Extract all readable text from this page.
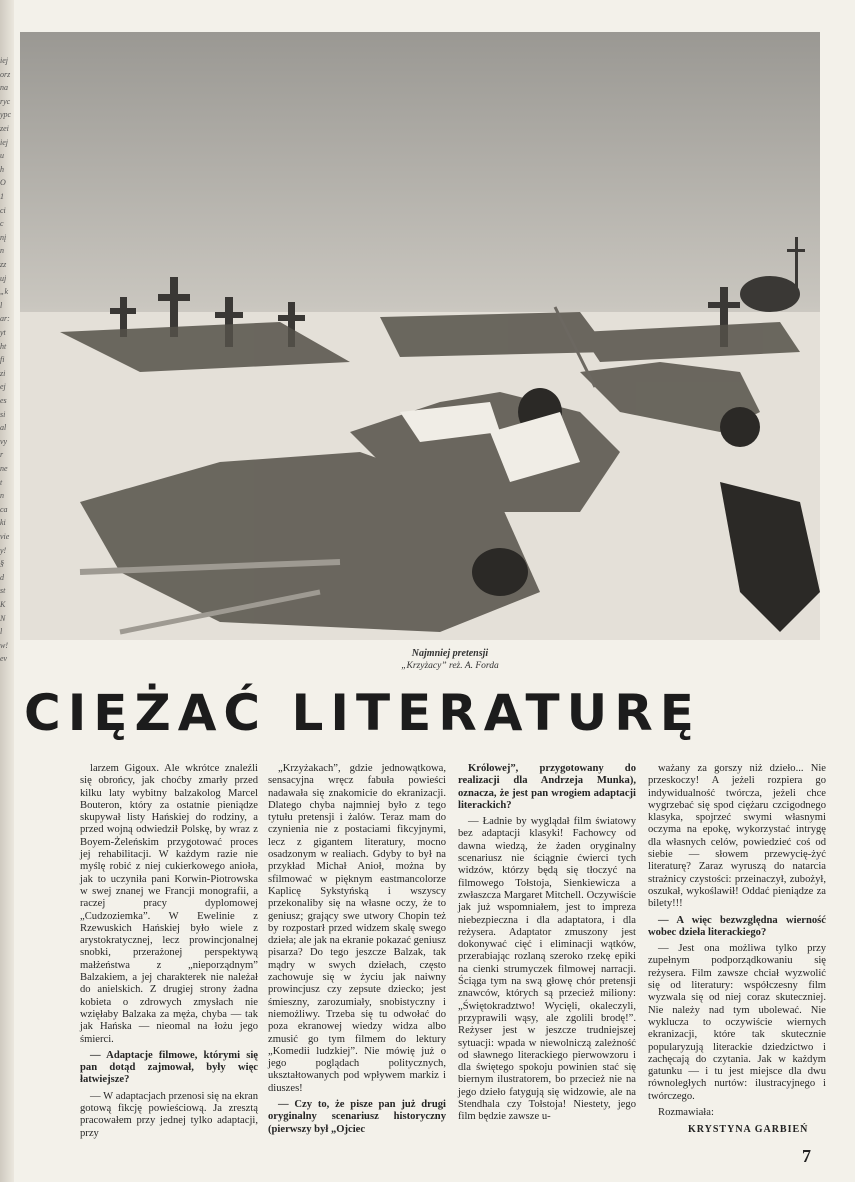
iej
orz
na
ryc
ypc
zei
iej
u
h
O
1
ci
c
nį
n
zz
uj
„k
l
ar:
yt
ht
fi
zi
ej
es
si
al
vy
r
ne
t
n
ca
ki
vie
y!
§
d
st
K
N
l
w!
ev	Najmniej pretensji
„Krzyżacy” reż. A. Forda
CIĘŻAĆ LITERATURĘ

larzem Gigoux. Ale wkrótce znaleźli się obrońcy, jak choćby zmarły przed kilku laty wybitny balzakolog Marcel Bouteron, który za ostatnie pieniądze skupywał listy Hańskiej do rodziny, a przed wojną odwiedził Polskę, by wraz z Boyem-Żeleńskim przygotować proces jej rehabilitacji. W każdym razie nie myślę robić z niej cukierkowego anioła, jak to uczyniła pani Korwin-Piotrowska w swej znanej we Francji monografii, a raczej pracy dyplomowej „Cudzoziemka”. W Ewelinie z Rzewuskich Hańskiej było wiele z arystokratycznej, lecz prowincjonalnej snobki, przerażonej perspektywą małżeństwa z „nieporządnym” Balzakiem, a jej charakterek nie należał do anielskich. Z drugiej strony żadna kobieta o zdrowych zmysłach nie wzięłaby Balzaka za męża, chyba — tak jak Hańska — nieomal na łożu jego śmierci.

— Adaptacje filmowe, którymi się pan dotąd zajmował, były więc łatwiejsze?

— W adaptacjach przenosi się na ekran gotową fikcję powieściową. Ja zresztą pracowałem przy jednej tylko adaptacji, przy

„Krzyżakach”, gdzie jednowątkowa, sensacyjna wręcz fabuła powieści nadawała się znakomicie do ekranizacji. Dlatego chyba najmniej było z tego tytułu pretensji i żalów. Teraz mam do czynienia nie z postaciami fikcyjnymi, lecz z gigantem literatury, mocno osadzonym w realiach. Gdyby to był na przykład Michał Anioł, można by sfilmować w pięknym eastmancolorze Kaplicę Sykstyńską i wszyscy przekonaliby się na własne oczy, że to geniusz; grający swe utwory Chopin też by rozpostarł przed widzem skalę swego dzieła; ale jak na ekranie pokazać geniusz pisarza? Do tego jeszcze Balzak, tak mądry w swych dziełach, często zachowuje się w życiu jak naiwny prowincjusz czy zepsute dziecko; jest śmieszny, zarozumiały, snobistyczny i niemożliwy. Trzeba się tu odwołać do poza ekranowej wiedzy widza albo zmusić go tym filmem do lektury „Komedii ludzkiej”. Nie mówię już o jego poglądach politycznych, ukształtowanych pod wpływem markiz i diuszes!

— Czy to, że pisze pan już drugi oryginalny scenariusz historyczny (pierwszy był „Ojciec

Królowej”, przygotowany do realizacji dla Andrzeja Munka), oznacza, że jest pan wrogiem adaptacji literackich?

— Ładnie by wyglądał film światowy bez adaptacji klasyki! Fachowcy od dawna wiedzą, że żaden oryginalny scenariusz nie ściągnie ćwierci tych widzów, którzy będą się tłoczyć na filmowego Tołstoja, Sienkiewicza a zwłaszcza Margaret Mitchell. Oczywiście jak już wspomniałem, jest to impreza niebezpieczna i dla adaptatora, i dla reżysera. Adaptator zmuszony jest dokonywać cięć i eliminacji wątków, przerabiając rozlaną szeroko rzekę epiki na cienki strumyczek filmowej narracji. Ściąga tym na swą głowę chór pretensji znawców, których są przecież miliony: „Świętokradztwo! Wycięli, okaleczyli, przyprawili wąsy, ale zgolili brodę!”. Reżyser jest w jeszcze trudniejszej sytuacji: wpada w niewolniczą zależność od sławnego literackiego pierwowzoru i dla świętego spokoju powinien stać się biernym ilustratorem, bo przecież nie na jego dzieło fatygują się widzowie, ale na Stendhala czy Tołstoja! Niestety, jego film będzie zawsze u-

ważany za gorszy niż dzieło... Nie przeskoczy! A jeżeli rozpiera go indywidualność twórcza, jeżeli chce wygrzebać się spod ciężaru czcigodnego klasyka, spojrzeć swymi własnymi oczyma na epokę, wykorzystać intrygę dla własnych celów, powiedzieć coś od siebie — słowem przewycię-żyć literaturę? Zaraz wyruszą do natarcia strażnicy czystości: przeinaczył, zubożył, oszukał, wykoślawił! Oddać pieniądze za bilety!!!

— A więc bezwzględna wierność wobec dzieła literackiego?

— Jest ona możliwa tylko przy zupełnym podporządkowaniu się reżysera. Film zawsze chciał wyzwolić się od literatury: współczesny film wyzwala się od niej coraz skuteczniej. Nie należy nad tym ubolewać. Nie wyklucza to oczywiście wiernych ekranizacji, które tak skutecznie popularyzują literackie dziedzictwo i zachęcają do czytania. Jak w każdym gatunku — i tu jest miejsce dla dwu równoległych nurtów: ilustracyjnego i twórczego.

Rozmawiała:

KRYSTYNA GARBIEŃ
7
